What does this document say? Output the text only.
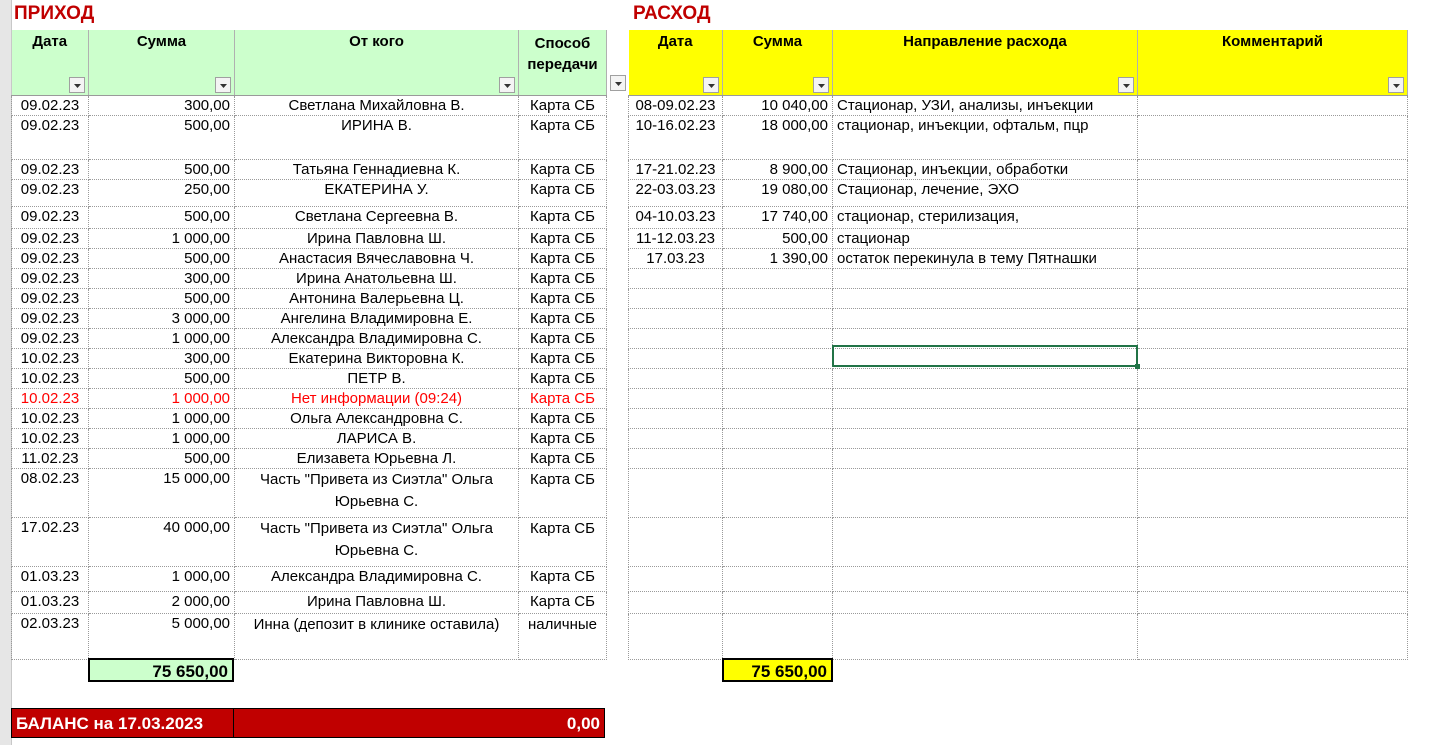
ПРИХОД	РАСХОД
Дата	Сумма	От кого	Способ передачи
09.02.23	300,00	Светлана Михайловна В.	Карта СБ
09.02.23	500,00	ИРИНА В.	Карта СБ
09.02.23	500,00	Татьяна Геннадиевна К.	Карта СБ
09.02.23	250,00	ЕКАТЕРИНА У.	Карта СБ
09.02.23	500,00	Светлана Сергеевна В.	Карта СБ
09.02.23	1 000,00	Ирина Павловна Ш.	Карта СБ
09.02.23	500,00	Анастасия Вячеславовна Ч.	Карта СБ
09.02.23	300,00	Ирина Анатольевна Ш.	Карта СБ
09.02.23	500,00	Антонина Валерьевна Ц.	Карта СБ
09.02.23	3 000,00	Ангелина Владимировна Е.	Карта СБ
09.02.23	1 000,00	Александра Владимировна С.	Карта СБ
10.02.23	300,00	Екатерина Викторовна К.	Карта СБ
10.02.23	500,00	ПЕТР В.	Карта СБ
10.02.23	1 000,00	Нет информации (09:24)	Карта СБ
10.02.23	1 000,00	Ольга Александровна С.	Карта СБ
10.02.23	1 000,00	ЛАРИСА В.	Карта СБ
11.02.23	500,00	Елизавета Юрьевна Л.	Карта СБ
08.02.23	15 000,00	Часть "Привета из Сиэтла" Ольга Юрьевна С.	Карта СБ
17.02.23	40 000,00	Часть "Привета из Сиэтла" Ольга Юрьевна С.	Карта СБ
01.03.23	1 000,00	Александра Владимировна С.	Карта СБ
01.03.23	2 000,00	Ирина Павловна Ш.	Карта СБ
02.03.23	5 000,00	Инна (депозит в клинике оставила)	наличные
Дата	Сумма	Направление расхода	Комментарий

08-09.02.23	10 040,00	Стационар, УЗИ, анализы, инъекции	
10-16.02.23	18 000,00	стационар, инъекции, офтальм, пцр	
17-21.02.23	8 900,00	Стационар, инъекции, обработки	
22-03.03.23	19 080,00	Стационар, лечение, ЭХО	
04-10.03.23	17 740,00	стационар, стерилизация,	
11-12.03.23	500,00	стационар	
17.03.23	1 390,00	остаток перекинула в тему Пятнашки	

75 650,00	75 650,00
БАЛАНС на 17.03.2023	0,00
